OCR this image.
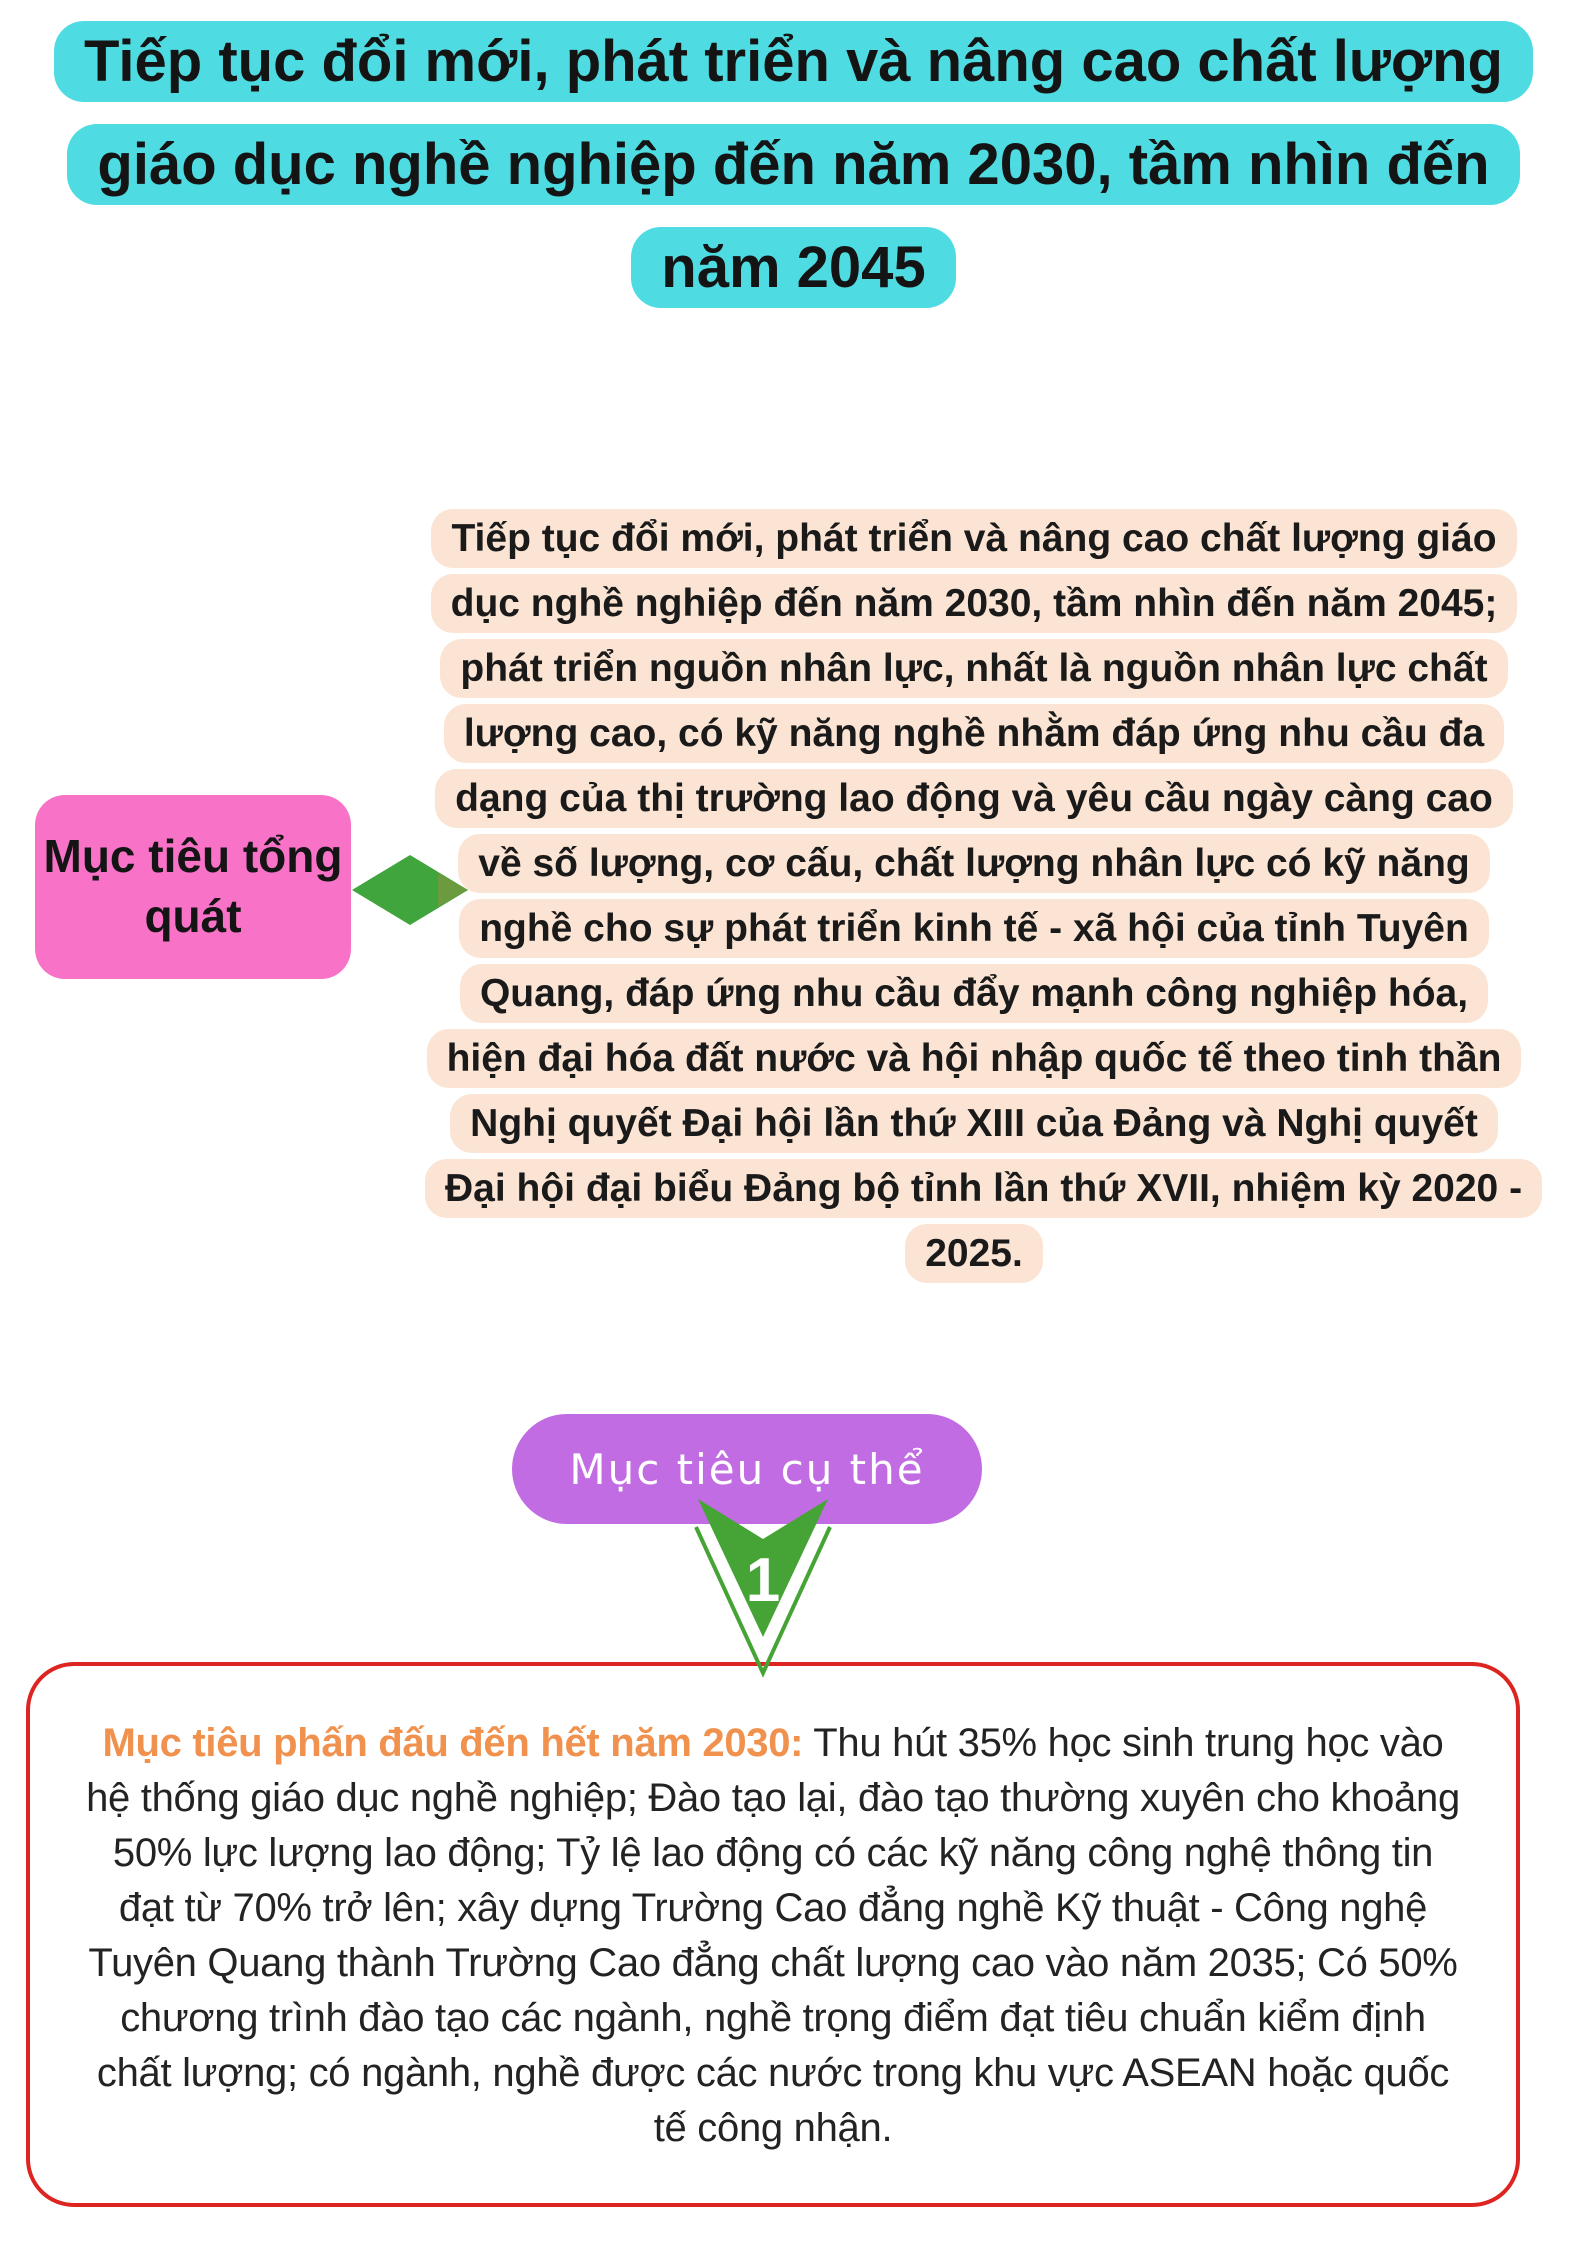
Tiếp tục đổi mới, phát triển và nâng cao chất lượng giáo dục nghề nghiệp đến năm 2030, tầm nhìn đến năm 2045
Mục tiêu tổng quát
Tiếp tục đổi mới, phát triển và nâng cao chất lượng giáo dục nghề nghiệp đến năm 2030, tầm nhìn đến năm 2045; phát triển nguồn nhân lực, nhất là nguồn nhân lực chất lượng cao, có kỹ năng nghề nhằm đáp ứng nhu cầu đa dạng của thị trường lao động và yêu cầu ngày càng cao về số lượng, cơ cấu, chất lượng nhân lực có kỹ năng nghề cho sự phát triển kinh tế - xã hội của tỉnh Tuyên Quang, đáp ứng nhu cầu đẩy mạnh công nghiệp hóa, hiện đại hóa đất nước và hội nhập quốc tế theo tinh thần Nghị quyết Đại hội lần thứ XIII của Đảng và Nghị quyết Đại hội đại biểu Đảng bộ tỉnh lần thứ XVII, nhiệm kỳ 2020 - 2025.
Mục tiêu cụ thể
1

Mục tiêu phấn đấu đến hết năm 2030: Thu hút 35% học sinh trung học vào hệ thống giáo dục nghề nghiệp; Đào tạo lại, đào tạo thường xuyên cho khoảng 50% lực lượng lao động; Tỷ lệ lao động có các kỹ năng công nghệ thông tin đạt từ 70% trở lên; xây dựng Trường Cao đẳng nghề Kỹ thuật - Công nghệ Tuyên Quang thành Trường Cao đẳng chất lượng cao vào năm 2035; Có 50% chương trình đào tạo các ngành, nghề trọng điểm đạt tiêu chuẩn kiểm định chất lượng; có ngành, nghề được các nước trong khu vực ASEAN hoặc quốc tế công nhận.
